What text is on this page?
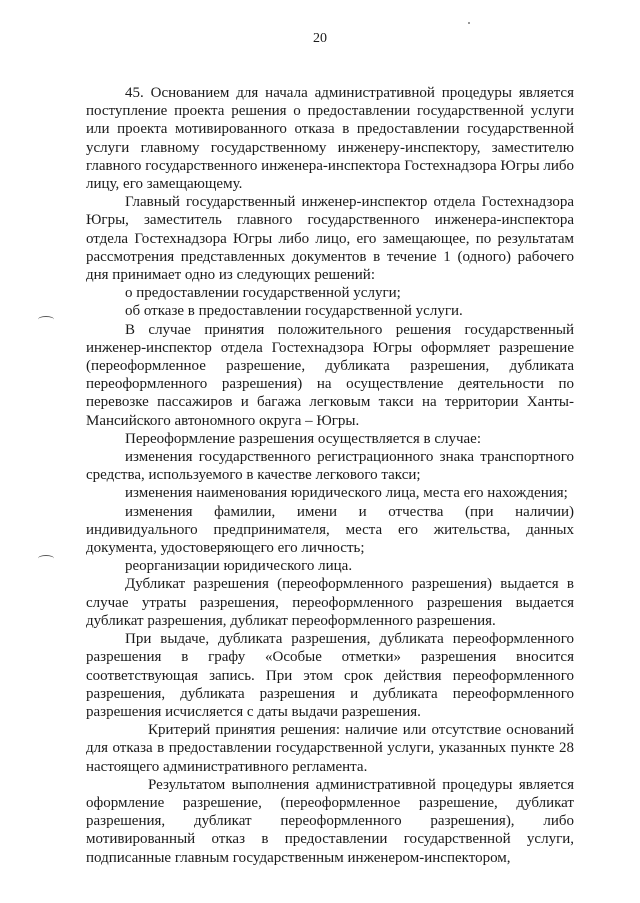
20

45. Основанием для начала административной процедуры является поступление проекта решения о предоставлении государственной услуги или проекта мотивированного отказа в предоставлении государственной услуги главному государственному инженеру-инспектору, заместителю главного государственного инженера-инспектора Гостехнадзора Югры либо лицу, его замещающему.

Главный государственный инженер-инспектор отдела Гостехнадзора Югры, заместитель главного государственного инженера-инспектора отдела Гостехнадзора Югры либо лицо, его замещающее, по результатам рассмотрения представленных документов в течение 1 (одного) рабочего дня принимает одно из следующих решений:

о предоставлении государственной услуги;

об отказе в предоставлении государственной услуги.

В случае принятия положительного решения государственный инженер-инспектор отдела Гостехнадзора Югры оформляет разрешение (переоформленное разрешение, дубликата разрешения, дубликата переоформленного разрешения) на осуществление деятельности по перевозке пассажиров и багажа легковым такси на территории Ханты-Мансийского автономного округа – Югры.

Переоформление разрешения осуществляется в случае:

изменения государственного регистрационного знака транспортного средства, используемого в качестве легкового такси;

изменения наименования юридического лица, места его нахождения;

изменения фамилии, имени и отчества (при наличии) индивидуального предпринимателя, места его жительства, данных документа, удостоверяющего его личность;

реорганизации юридического лица.

Дубликат разрешения (переоформленного разрешения) выдается в случае утраты разрешения, переоформленного разрешения выдается дубликат разрешения, дубликат переоформленного разрешения.

При выдаче, дубликата разрешения, дубликата переоформленного разрешения в графу «Особые отметки» разрешения вносится соответствующая запись. При этом срок действия переоформленного разрешения, дубликата разрешения и дубликата переоформленного разрешения исчисляется с даты выдачи разрешения.

Критерий принятия решения: наличие или отсутствие оснований для отказа в предоставлении государственной услуги, указанных пункте 28 настоящего административного регламента.

Результатом выполнения административной процедуры является оформление разрешение, (переоформленное разрешение, дубликат разрешения, дубликат переоформленного разрешения), либо мотивированный отказ в предоставлении государственной услуги, подписанные главным государственным инженером-инспектором,
